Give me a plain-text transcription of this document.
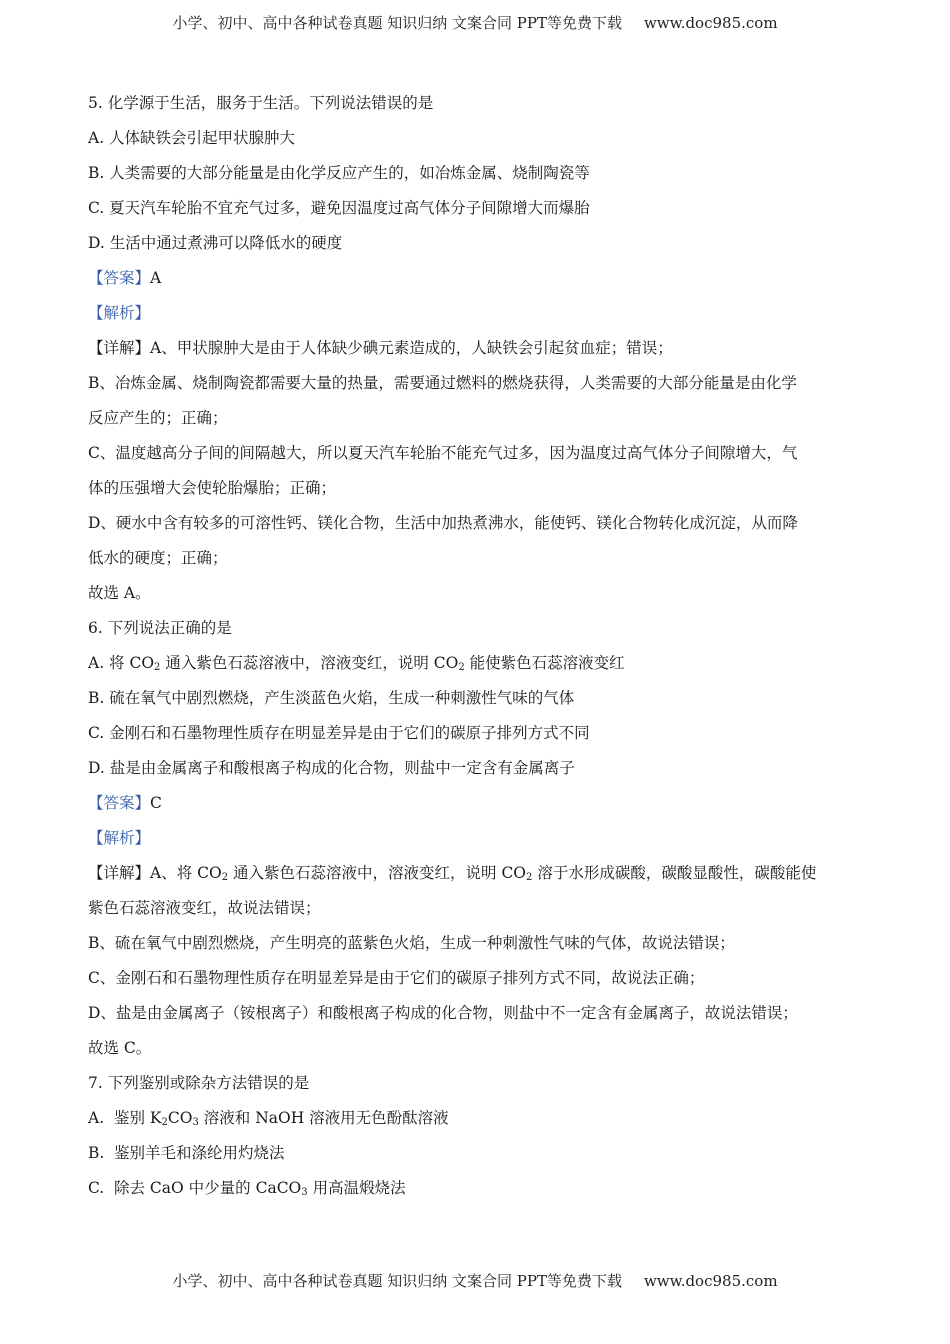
小学、初中、高中各种试卷真题 知识归纳 文案合同 PPT等免费下载 www.doc985.com
5. 化学源于生活，服务于生活。下列说法错误的是
A. 人体缺铁会引起甲状腺肿大
B. 人类需要的大部分能量是由化学反应产生的，如冶炼金属、烧制陶瓷等
C. 夏天汽车轮胎不宜充气过多，避免因温度过高气体分子间隙增大而爆胎
D. 生活中通过煮沸可以降低水的硬度
【答案】A
【解析】
【详解】A、甲状腺肿大是由于人体缺少碘元素造成的，人缺铁会引起贫血症；错误；
B、冶炼金属、烧制陶瓷都需要大量的热量，需要通过燃料的燃烧获得，人类需要的大部分能量是由化学
反应产生的；正确；
C、温度越高分子间的间隔越大，所以夏天汽车轮胎不能充气过多，因为温度过高气体分子间隙增大，气
体的压强增大会使轮胎爆胎；正确；
D、硬水中含有较多的可溶性钙、镁化合物，生活中加热煮沸水，能使钙、镁化合物转化成沉淀，从而降
低水的硬度；正确；
故选 A。
6. 下列说法正确的是
A. 将 $CO_2$ 通入紫色石蕊溶液中，溶液变红，说明 $CO_2$ 能使紫色石蕊溶液变红
B. 硫在氧气中剧烈燃烧，产生淡蓝色火焰，生成一种刺激性气味的气体
C. 金刚石和石墨物理性质存在明显差异是由于它们的碳原子排列方式不同
D. 盐是由金属离子和酸根离子构成的化合物，则盐中一定含有金属离子
【答案】C
【解析】
【详解】A、将 $CO_2$ 通入紫色石蕊溶液中，溶液变红，说明 $CO_2$ 溶于水形成碳酸，碳酸显酸性，碳酸能使
紫色石蕊溶液变红，故说法错误；
B、硫在氧气中剧烈燃烧，产生明亮的蓝紫色火焰，生成一种刺激性气味的气体，故说法错误；
C、金刚石和石墨物理性质存在明显差异是由于它们的碳原子排列方式不同，故说法正确；
D、盐是由金属离子（铵根离子）和酸根离子构成的化合物，则盐中不一定含有金属离子，故说法错误；
故选 C。
7. 下列鉴别或除杂方法错误的是
A. 鉴别 $K_2CO_3$ 溶液和 NaOH 溶液用无色酚酞溶液
B. 鉴别羊毛和涤纶用灼烧法
C. 除去 CaO 中少量的 CaCO$_3$ 用高温煅烧法
小学、初中、高中各种试卷真题 知识归纳 文案合同 PPT等免费下载 www.doc985.com
